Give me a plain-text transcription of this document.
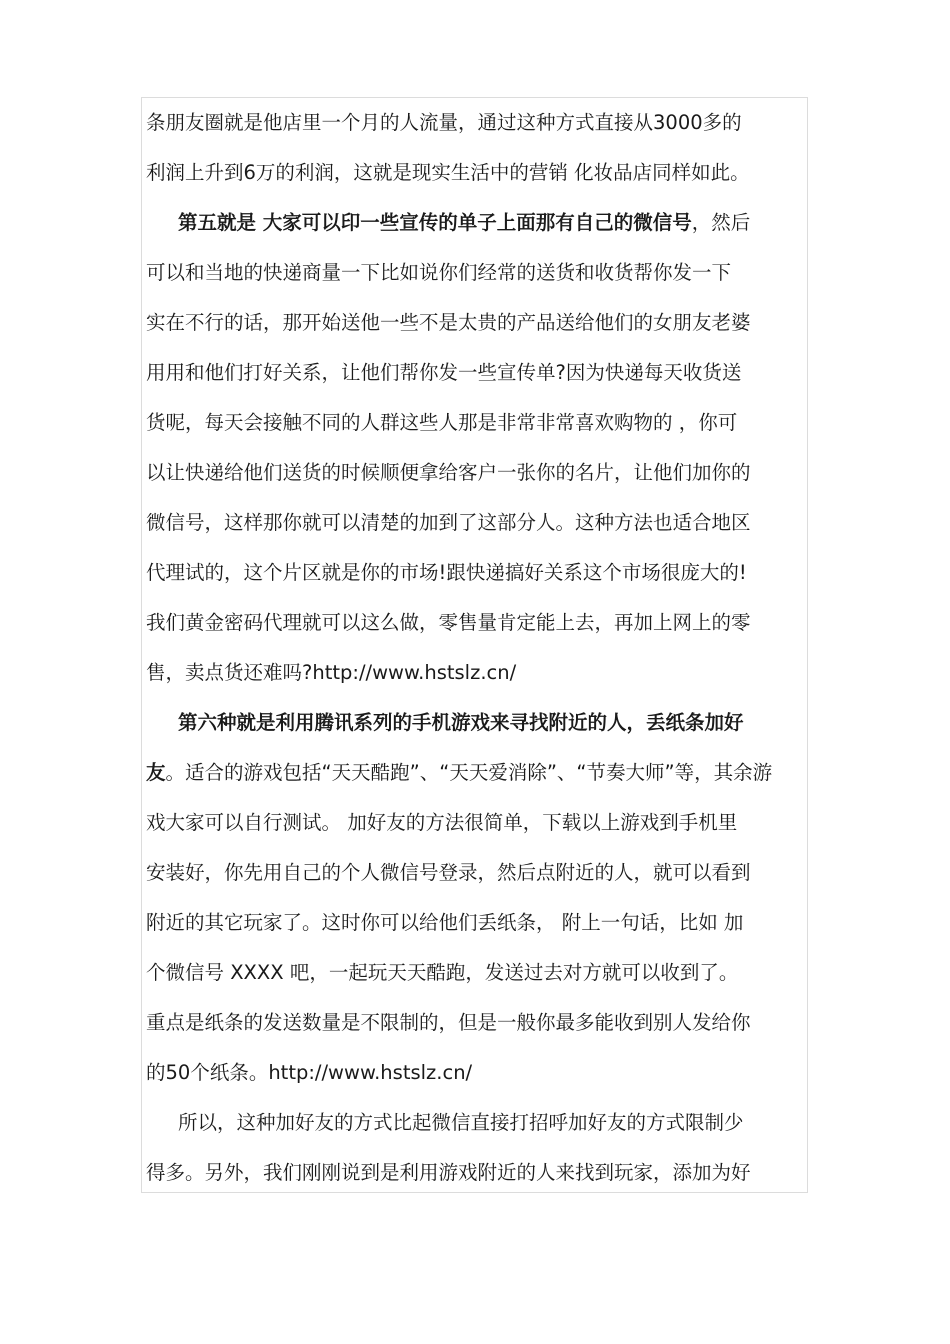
条朋友圈就是他店里一个月的人流量，通过这种方式直接从3000多的
利润上升到6万的利润，这就是现实生活中的营销 化妆品店同样如此。
第五就是 大家可以印一些宣传的单子上面那有自己的微信号，然后
可以和当地的快递商量一下比如说你们经常的送货和收货帮你发一下
实在不行的话，那开始送他一些不是太贵的产品送给他们的女朋友老婆
用用和他们打好关系，让他们帮你发一些宣传单?因为快递每天收货送
货呢，每天会接触不同的人群这些人那是非常非常喜欢购物的 ，你可
以让快递给他们送货的时候顺便拿给客户一张你的名片，让他们加你的
微信号，这样那你就可以清楚的加到了这部分人。这种方法也适合地区
代理试的，这个片区就是你的市场!跟快递搞好关系这个市场很庞大的!
我们黄金密码代理就可以这么做，零售量肯定能上去，再加上网上的零
售，卖点货还难吗?http://www.hstslz.cn/
第六种就是利用腾讯系列的手机游戏来寻找附近的人，丢纸条加好
友。适合的游戏包括“天天酷跑”、“天天爱消除”、“节奏大师”等，其余游
戏大家可以自行测试。 加好友的方法很简单，下载以上游戏到手机里
安装好，你先用自己的个人微信号登录，然后点附近的人，就可以看到
附近的其它玩家了。这时你可以给他们丢纸条， 附上一句话，比如 加
个微信号 XXXX 吧，一起玩天天酷跑，发送过去对方就可以收到了。
重点是纸条的发送数量是不限制的，但是一般你最多能收到别人发给你
的50个纸条。http://www.hstslz.cn/
所以，这种加好友的方式比起微信直接打招呼加好友的方式限制少
得多。另外，我们刚刚说到是利用游戏附近的人来找到玩家，添加为好
